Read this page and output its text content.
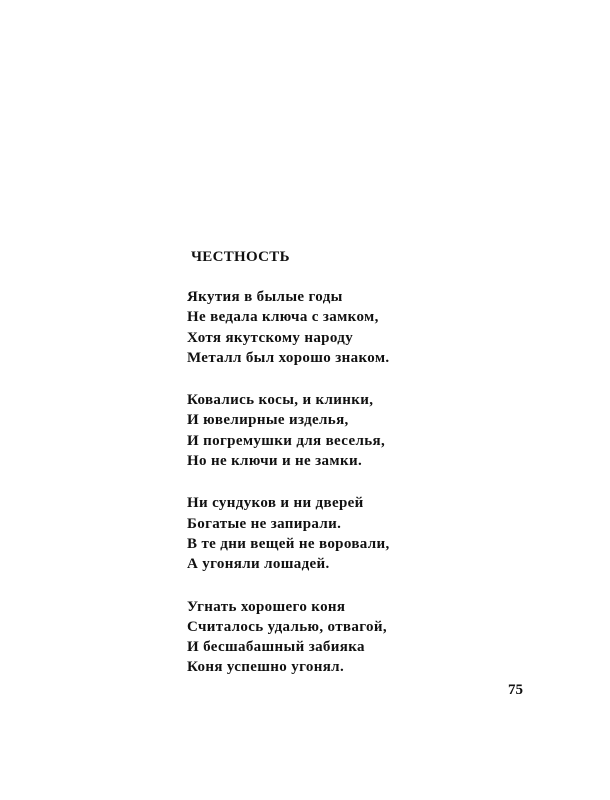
ЧЕСТНОСТЬ
Якутия в былые годы
Не ведала ключа с замком,
Хотя якутскому народу
Металл был хорошо знаком.
Ковались косы, и клинки,
И ювелирные изделья,
И погремушки для веселья,
Но не ключи и не замки.
Ни сундуков и ни дверей
Богатые не запирали.
В те дни вещей не воровали,
А угоняли лошадей.
Угнать хорошего коня
Считалось удалью, отвагой,
И бесшабашный забияка
Коня успешно угонял.
75
